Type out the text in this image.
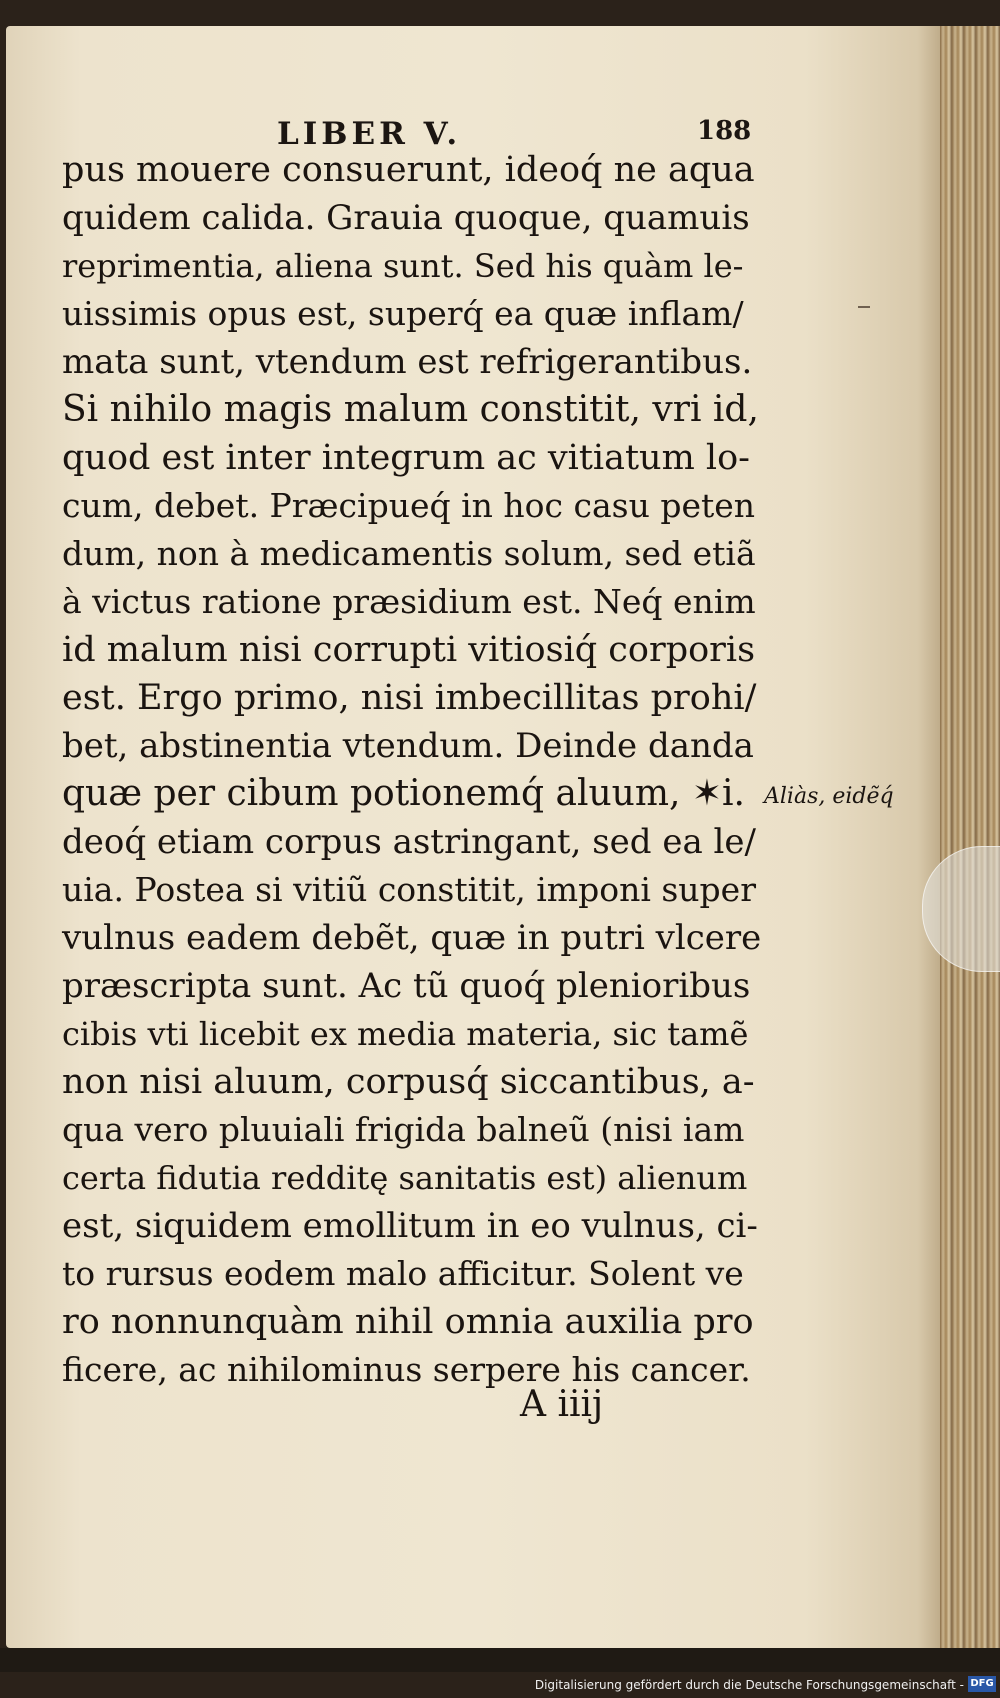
LIBER V.	188
pus mouere consuerunt, ideoq́ ne aqua
quidem calida. Grauia quoque, quamuis
reprimentia, aliena sunt. Sed his quàm le-
uissimis opus est, superq́ ea quæ inflam/
mata sunt, vtendum est refrigerantibus.
Si nihilo magis malum constitit, vri id,
quod est inter integrum ac vitiatum lo-
cum, debet. Præcipueq́ in hoc casu peten
dum, non à medicamentis solum, sed etiã
à victus ratione præsidium est. Neq́ enim
id malum nisi corrupti vitiosiq́ corporis
est. Ergo primo, nisi imbecillitas prohi/
bet, abstinentia vtendum. Deinde danda
quæ per cibum potionemq́ aluum, ✶i.
deoq́ etiam corpus astringant, sed ea le/
uia. Postea si vitiũ constitit, imponi super
vulnus eadem debẽt, quæ in putri vlcere
præscripta sunt. Ac tũ quoq́ plenioribus
cibis vti licebit ex media materia, sic tamẽ
non nisi aluum, corpusq́ siccantibus, a-
qua vero pluuiali frigida balneũ (nisi iam
certa fidutia redditę sanitatis est) alienum
est, siquidem emollitum in eo vulnus, ci-
to rursus eodem malo afficitur. Solent ve
ro nonnunquàm nihil omnia auxilia pro
ficere, ac nihilominus serpere his cancer.
Aliàs, eidẽq́
A iiij
Digitalisierung gefördert durch die Deutsche Forschungsgemeinschaft - DFG
